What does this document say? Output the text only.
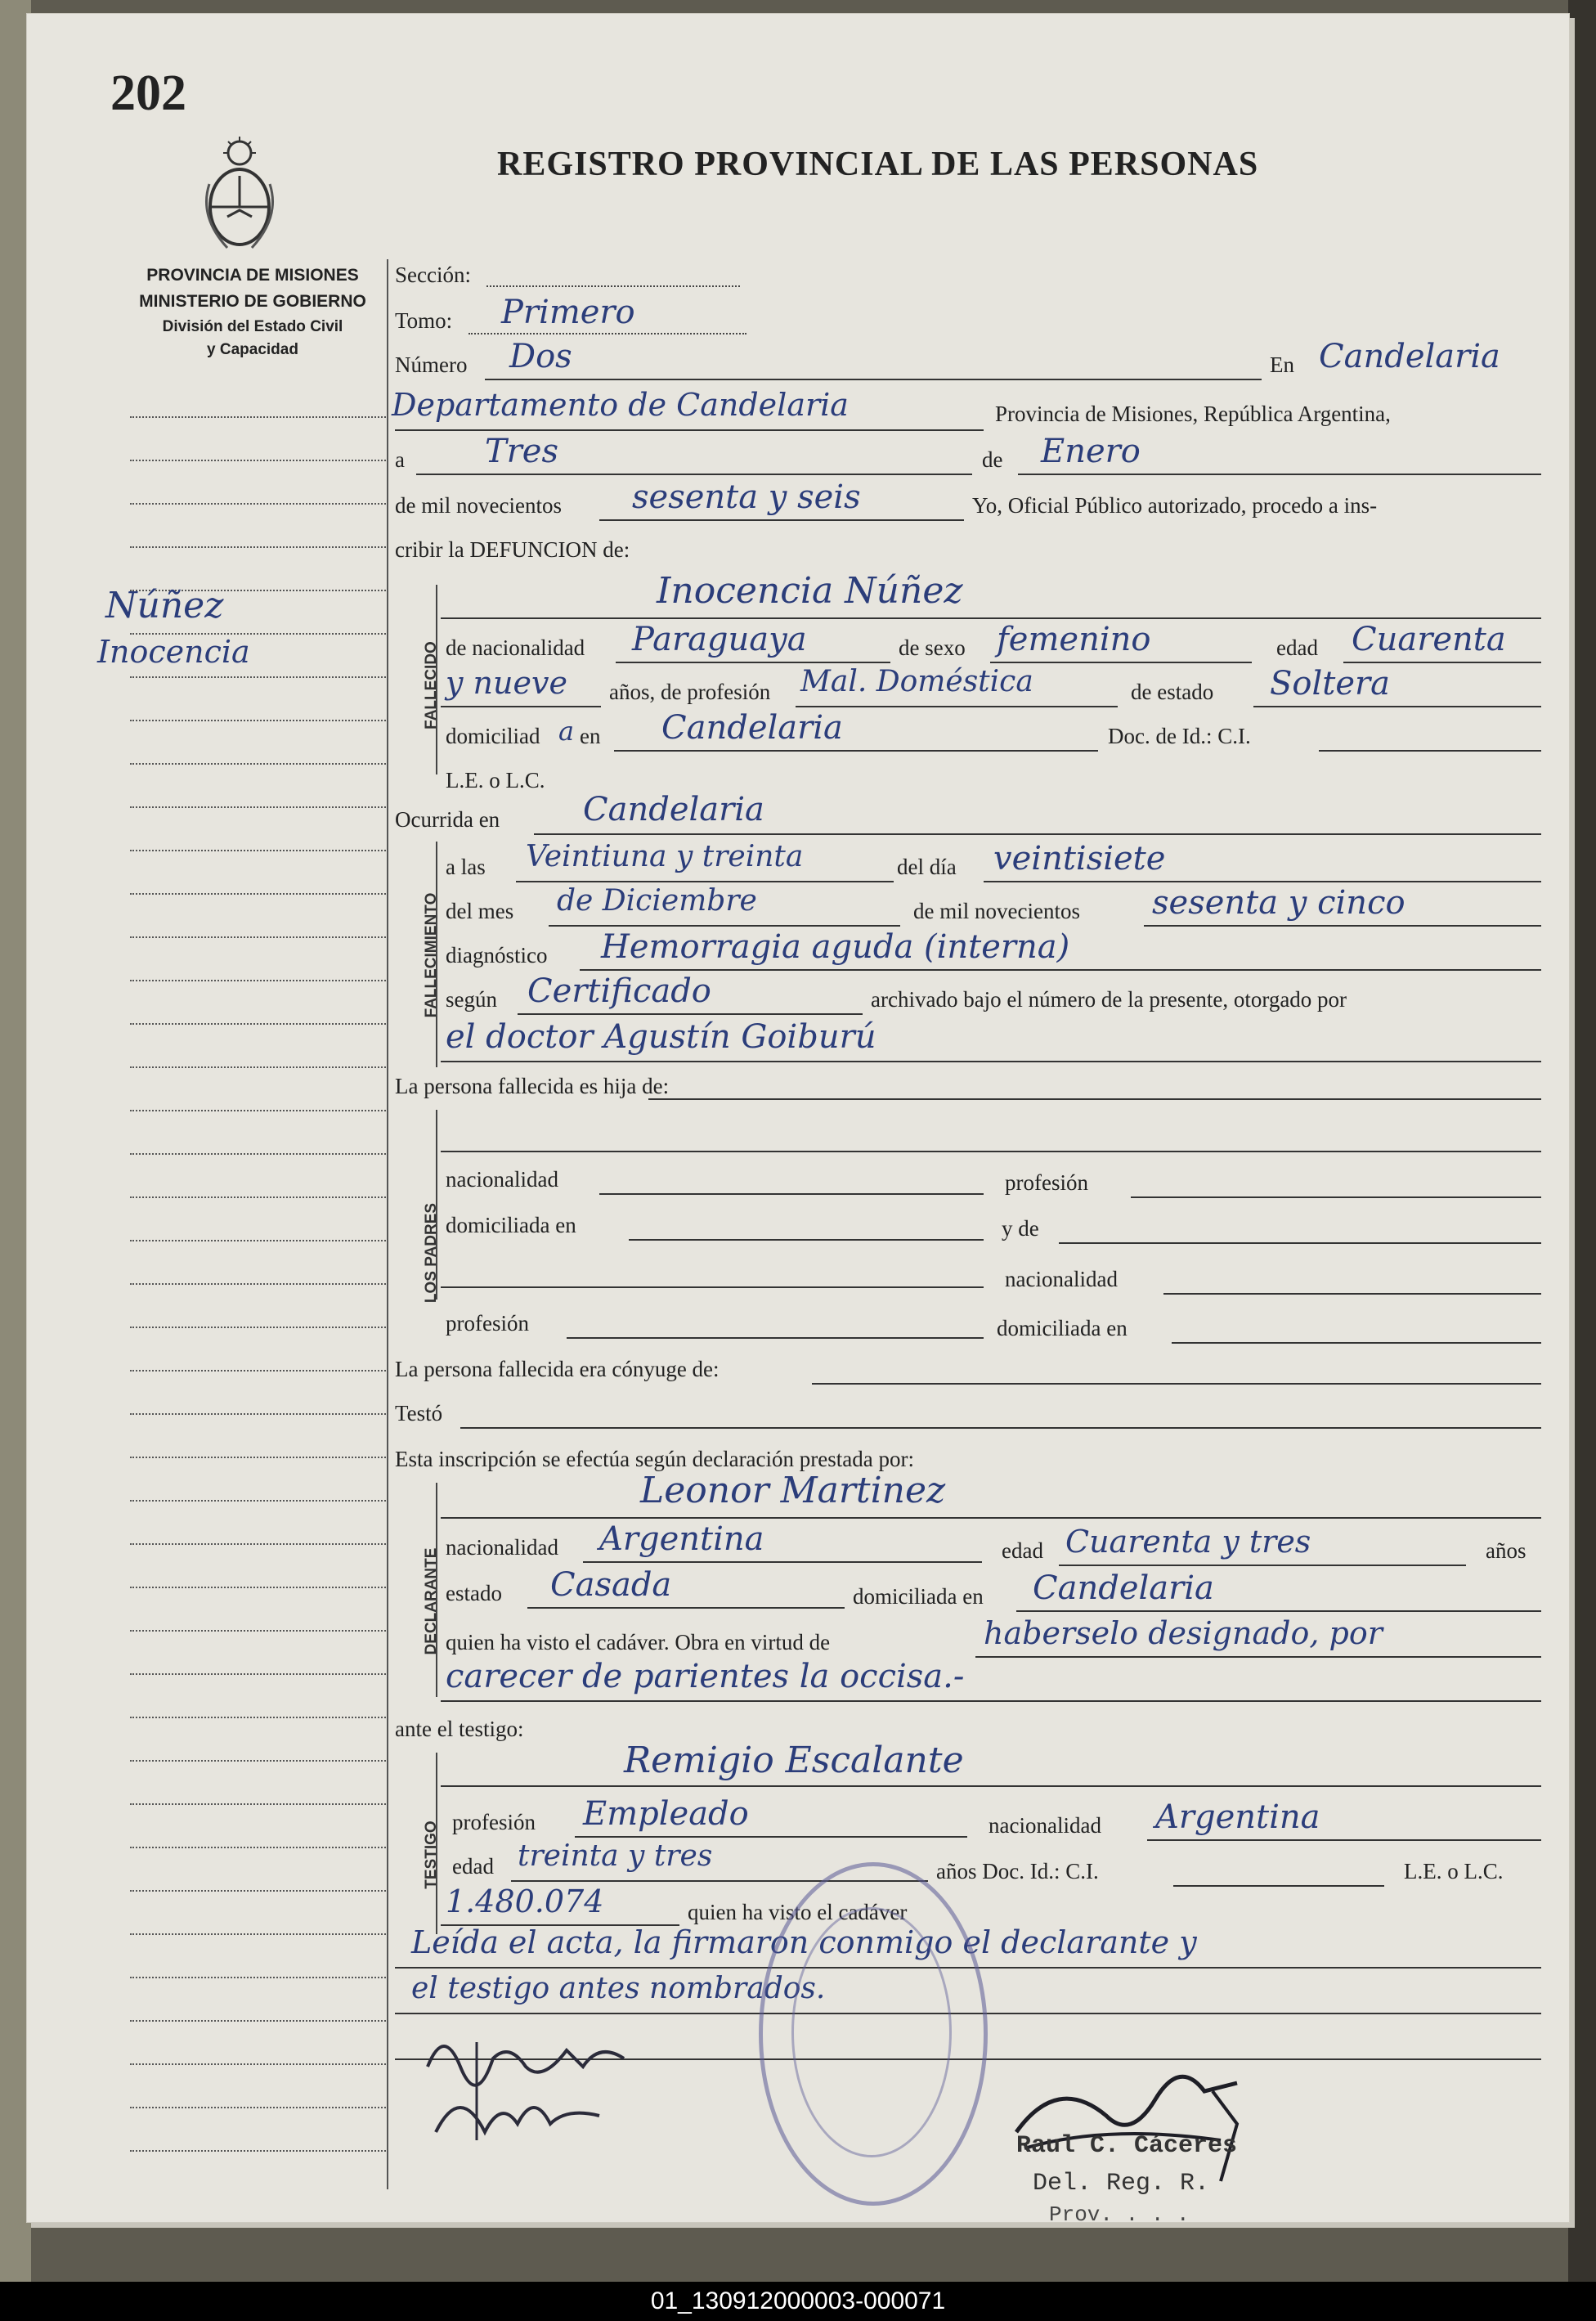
202
PROVINCIA DE MISIONES
MINISTERIO DE GOBIERNO
División del Estado Civil
y Capacidad
REGISTRO PROVINCIAL DE LAS PERSONAS
Núñez
Inocencia
Sección:
Tomo: Primero
Número Dos	En Candelaria
Departamento de Candelaria	Provincia de Misiones, República Argentina,
a Tres	de Enero
de mil novecientos sesenta y seis	Yo, Oficial Público autorizado, procedo a ins-
cribir la DEFUNCION de:
FALLECIDO
Inocencia Núñez
de nacionalidad Paraguaya	de sexo femenino	edad Cuarenta
y nueve años, de profesión Mal. Doméstica	de estado Soltera
domiciliad a en Candelaria	Doc. de Id.: C.I.
L.E. o L.C.
Ocurrida en	Candelaria
FALLECIMIENTO
a las Veintiuna y treinta	del día veintisiete
del mes de Diciembre	de mil novecientos sesenta y cinco
diagnóstico Hemorragia aguda (interna)
según Certificado	archivado bajo el número de la presente, otorgado por
el doctor Agustín Goiburú
La persona fallecida es hija de:
LOS PADRES
nacionalidad	profesión
domiciliada en	y de
nacionalidad
profesión	domiciliada en
La persona fallecida era cónyuge de:
Testó
Esta inscripción se efectúa según declaración prestada por:
DECLARANTE
Leonor Martinez
nacionalidad Argentina	edad Cuarenta y tres	años
estado Casada	domiciliada en Candelaria
quien ha visto el cadáver. Obra en virtud de	haberselo designado, por
carecer de parientes la occisa.-
ante el testigo:
TESTIGO
Remigio Escalante
profesión Empleado	nacionalidad Argentina
edad treinta y tres	años Doc. Id.: C.I.	L.E. o L.C.
1.480.074	quien ha visto el cadáver
Leída el acta, la firmaron conmigo el declarante y
el testigo antes nombrados.
Raul C. Cáceres
Del. Reg. R.
Prov. . . .
01_130912000003-000071
